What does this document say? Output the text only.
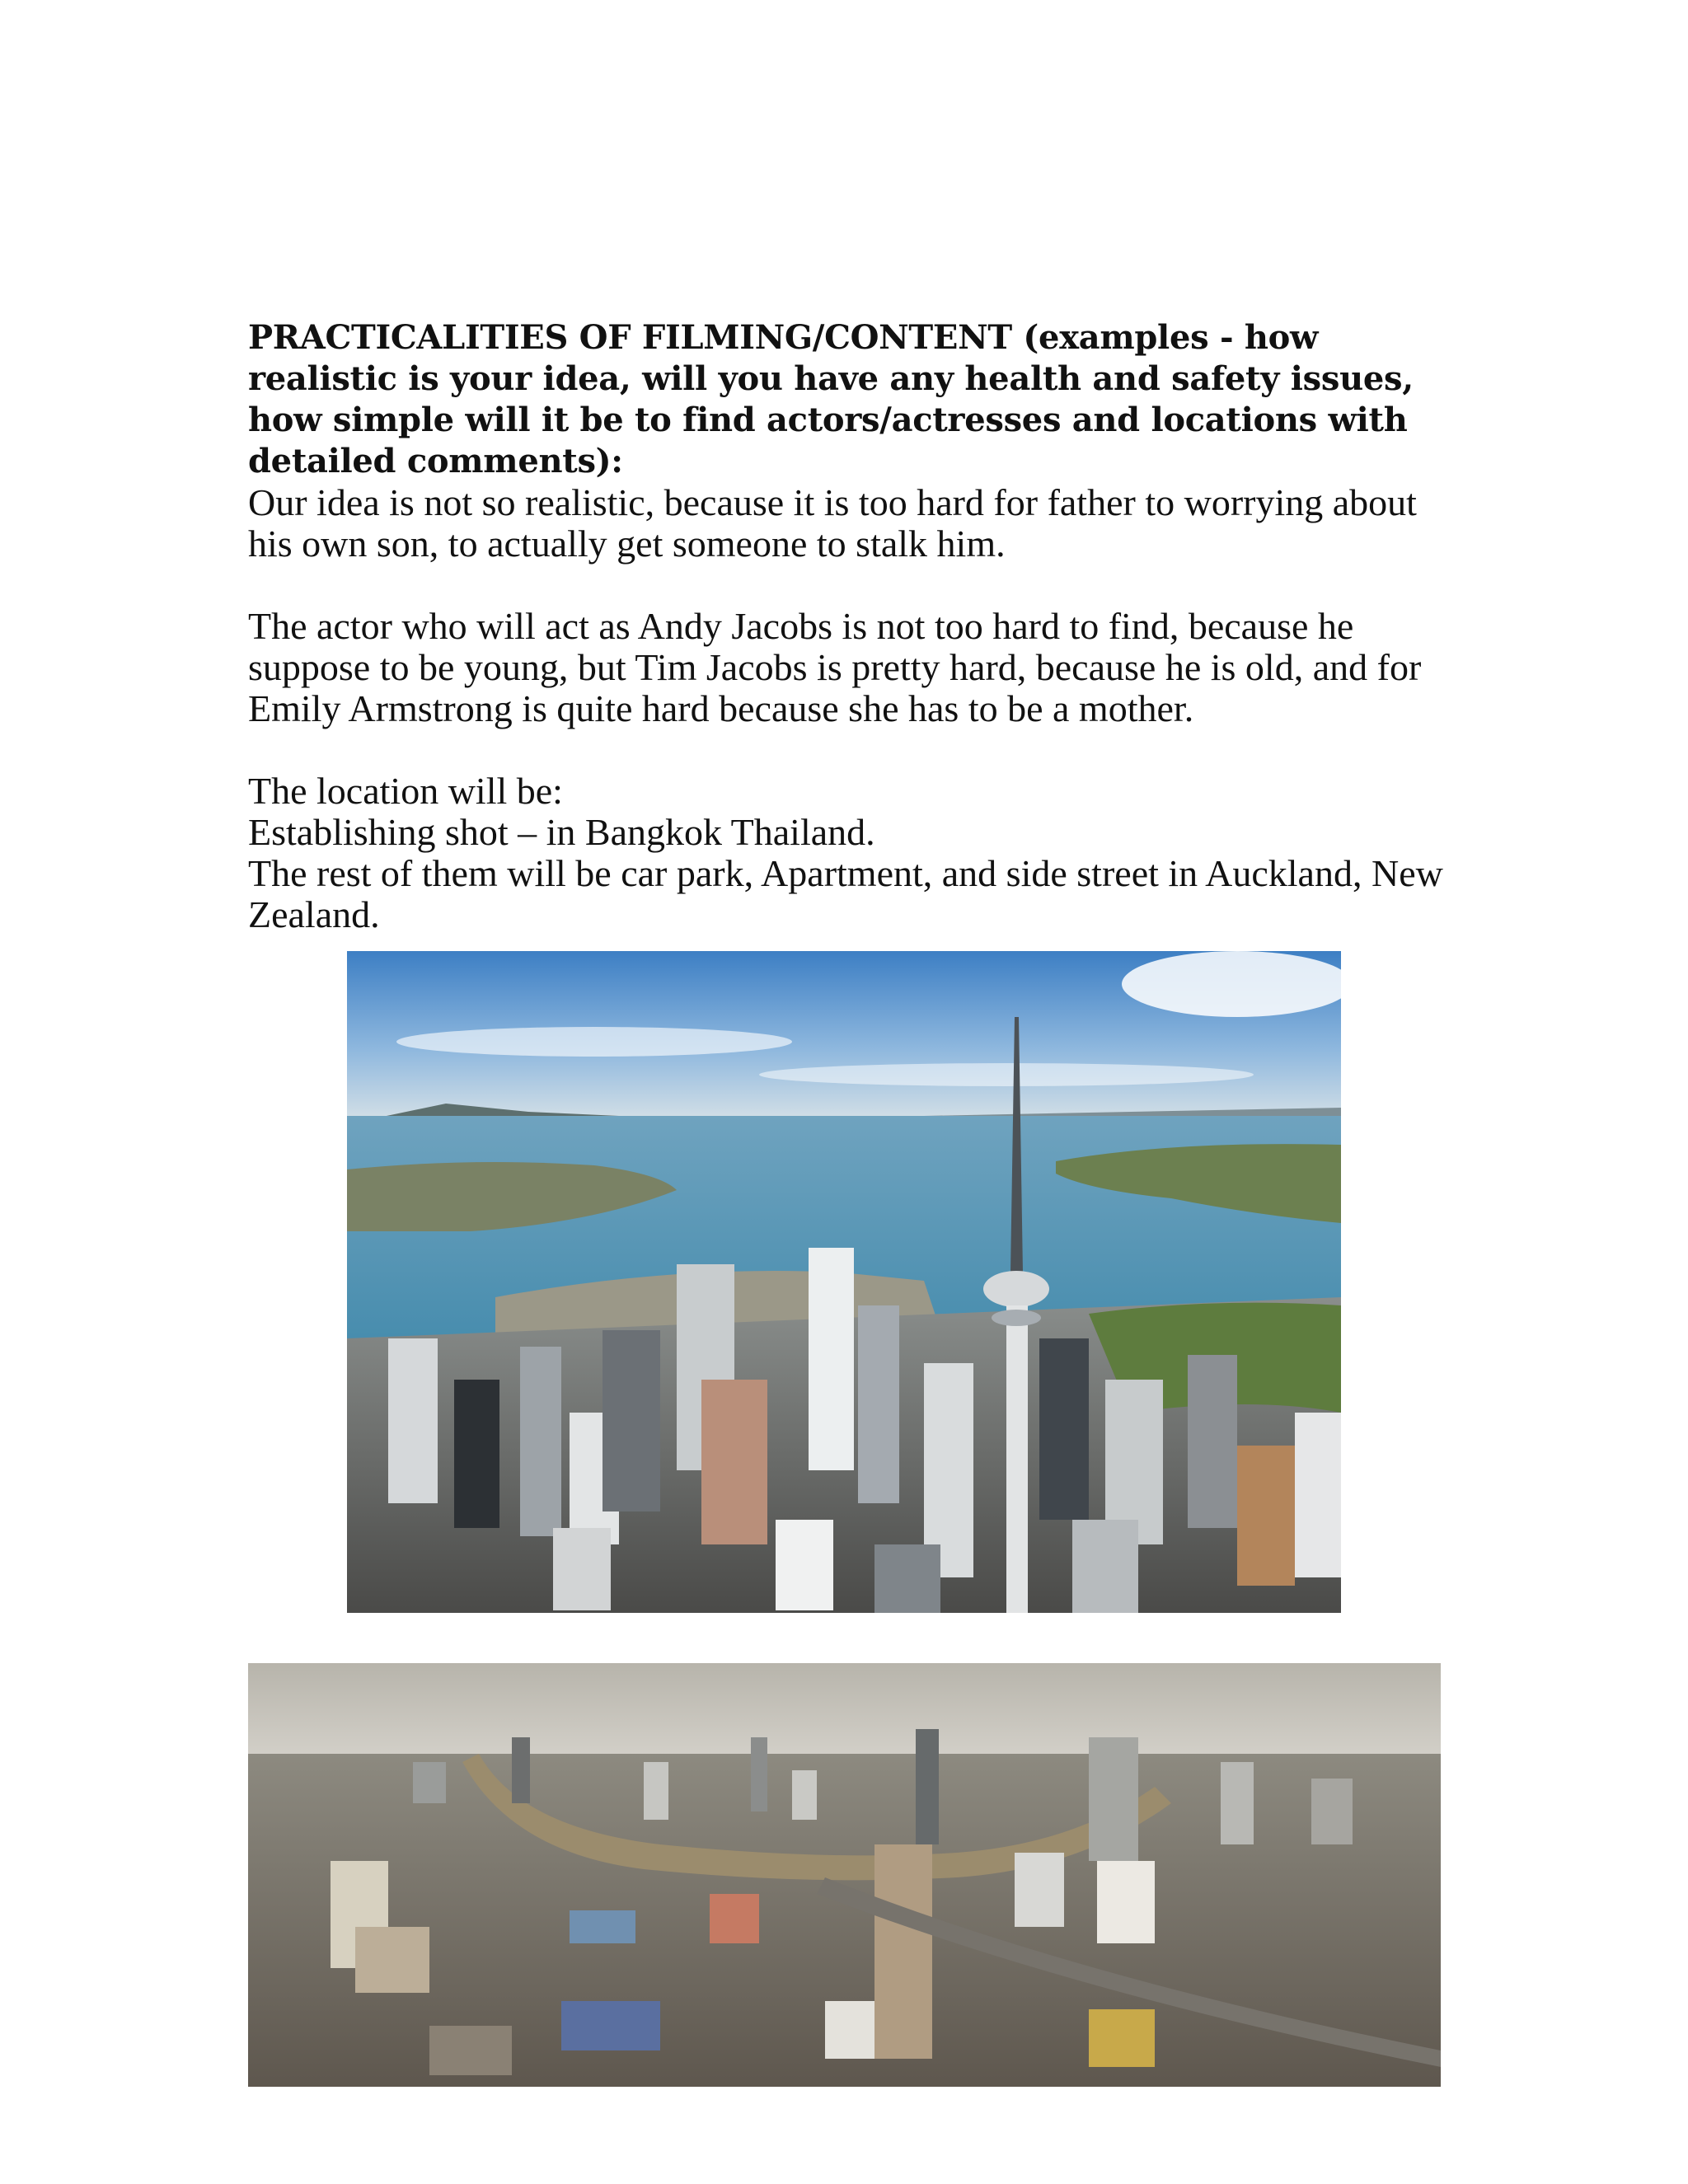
PRACTICALITIES OF FILMING/CONTENT (examples - how realistic is your idea, will you have any health and safety issues, how simple will it be to find actors/actresses and locations with detailed comments):

Our idea is not so realistic, because it is too hard for father to worrying about his own son, to actually get someone to stalk him.

The actor who will act as Andy Jacobs is not too hard to find, because he suppose to be young, but Tim Jacobs is pretty hard, because he is old, and for Emily Armstrong is quite hard because she has to be a mother.

The location will be:

Establishing shot – in Bangkok Thailand.

The rest of them will be car park, Apartment, and side street in Auckland, New Zealand.
